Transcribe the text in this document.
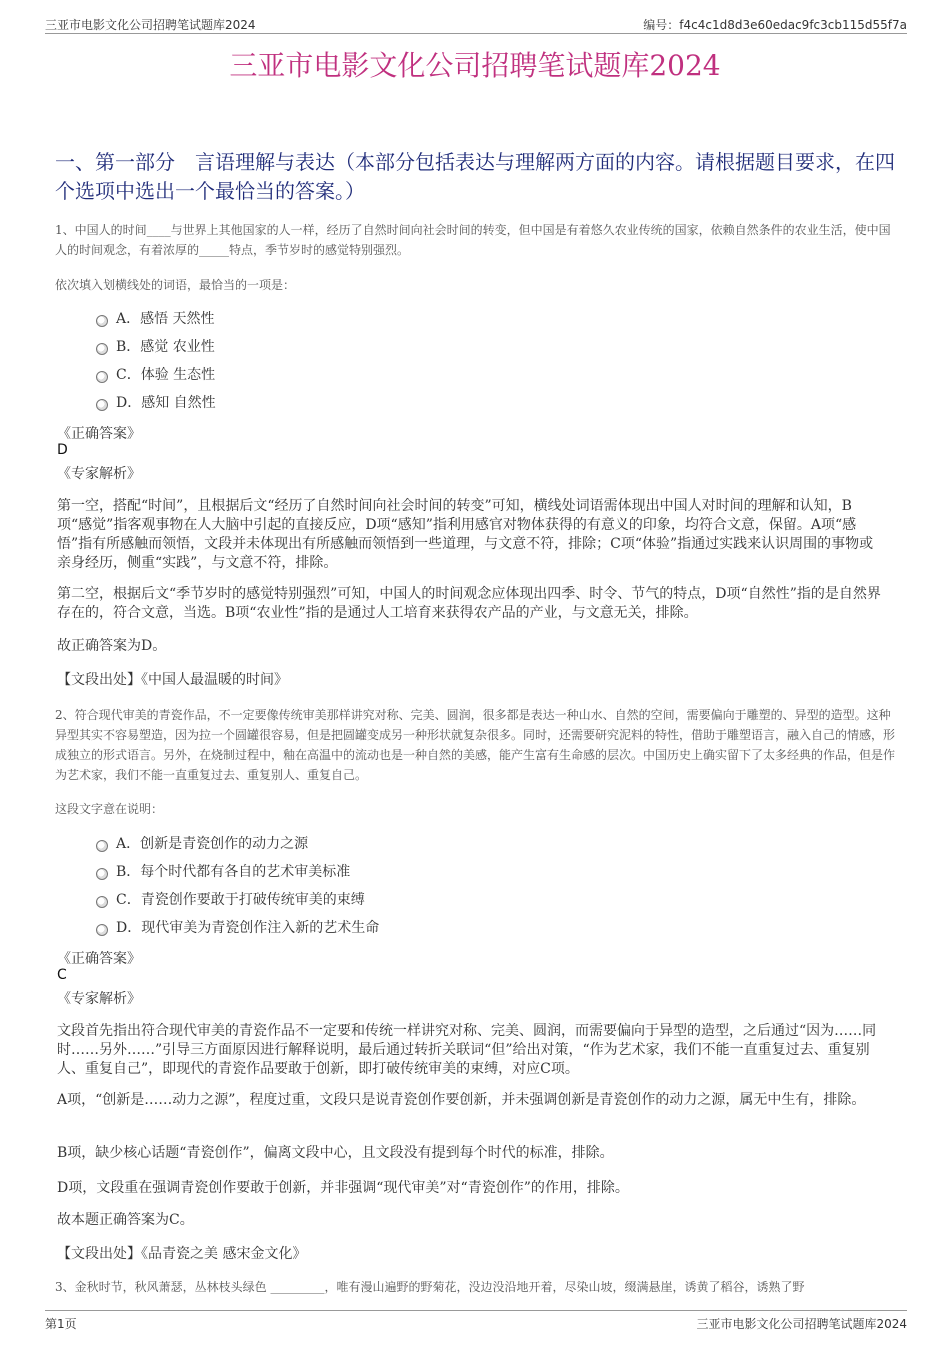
三亚市电影文化公司招聘笔试题库2024	编号：f4c4c1d8d3e60edac9fc3cb115d55f7a
三亚市电影文化公司招聘笔试题库2024
一、第一部分　言语理解与表达（本部分包括表达与理解两方面的内容。请根据题目要求，在四个选项中选出一个最恰当的答案。）
1、中国人的时间____与世界上其他国家的人一样，经历了自然时间向社会时间的转变，但中国是有着悠久农业传统的国家，依赖自然条件的农业生活，使中国人的时间观念，有着浓厚的_____特点，季节岁时的感觉特别强烈。
依次填入划横线处的词语，最恰当的一项是：
A．感悟 天然性
B．感觉 农业性
C．体验 生态性
D．感知 自然性
《正确答案》
D
《专家解析》
第一空，搭配“时间”，且根据后文“经历了自然时间向社会时间的转变”可知，横线处词语需体现出中国人对时间的理解和认知，B项“感觉”指客观事物在人大脑中引起的直接反应，D项“感知”指利用感官对物体获得的有意义的印象，均符合文意，保留。A项“感悟”指有所感触而领悟，文段并未体现出有所感触而领悟到一些道理，与文意不符，排除；C项“体验”指通过实践来认识周围的事物或亲身经历，侧重“实践”，与文意不符，排除。
第二空，根据后文“季节岁时的感觉特别强烈”可知，中国人的时间观念应体现出四季、时令、节气的特点，D项“自然性”指的是自然界存在的，符合文意，当选。B项“农业性”指的是通过人工培育来获得农产品的产业，与文意无关，排除。
故正确答案为D。
【文段出处】《中国人最温暖的时间》
2、符合现代审美的青瓷作品，不一定要像传统审美那样讲究对称、完美、圆润，很多都是表达一种山水、自然的空间，需要偏向于雕塑的、异型的造型。这种异型其实不容易塑造，因为拉一个圆罐很容易，但是把圆罐变成另一种形状就复杂很多。同时，还需要研究泥料的特性，借助于雕塑语言，融入自己的情感，形成独立的形式语言。另外，在烧制过程中，釉在高温中的流动也是一种自然的美感，能产生富有生命感的层次。中国历史上确实留下了太多经典的作品，但是作为艺术家，我们不能一直重复过去、重复别人、重复自己。
这段文字意在说明：
A．创新是青瓷创作的动力之源
B．每个时代都有各自的艺术审美标准
C．青瓷创作要敢于打破传统审美的束缚
D．现代审美为青瓷创作注入新的艺术生命
《正确答案》
C
《专家解析》
文段首先指出符合现代审美的青瓷作品不一定要和传统一样讲究对称、完美、圆润，而需要偏向于异型的造型，之后通过“因为……同时……另外……”引导三方面原因进行解释说明，最后通过转折关联词“但”给出对策，“作为艺术家，我们不能一直重复过去、重复别人、重复自己”，即现代的青瓷作品要敢于创新，即打破传统审美的束缚，对应C项。
A项，“创新是……动力之源”，程度过重，文段只是说青瓷创作要创新，并未强调创新是青瓷创作的动力之源，属无中生有，排除。
B项，缺少核心话题“青瓷创作”，偏离文段中心，且文段没有提到每个时代的标准，排除。
D项，文段重在强调青瓷创作要敢于创新，并非强调“现代审美”对“青瓷创作”的作用，排除。
故本题正确答案为C。
【文段出处】《品青瓷之美 感宋金文化》
3、金秋时节，秋风萧瑟，丛林枝头绿色 _________，唯有漫山遍野的野菊花，没边没沿地开着，尽染山坡，缀满悬崖，诱黄了稻谷，诱熟了野
第1页	三亚市电影文化公司招聘笔试题库2024
